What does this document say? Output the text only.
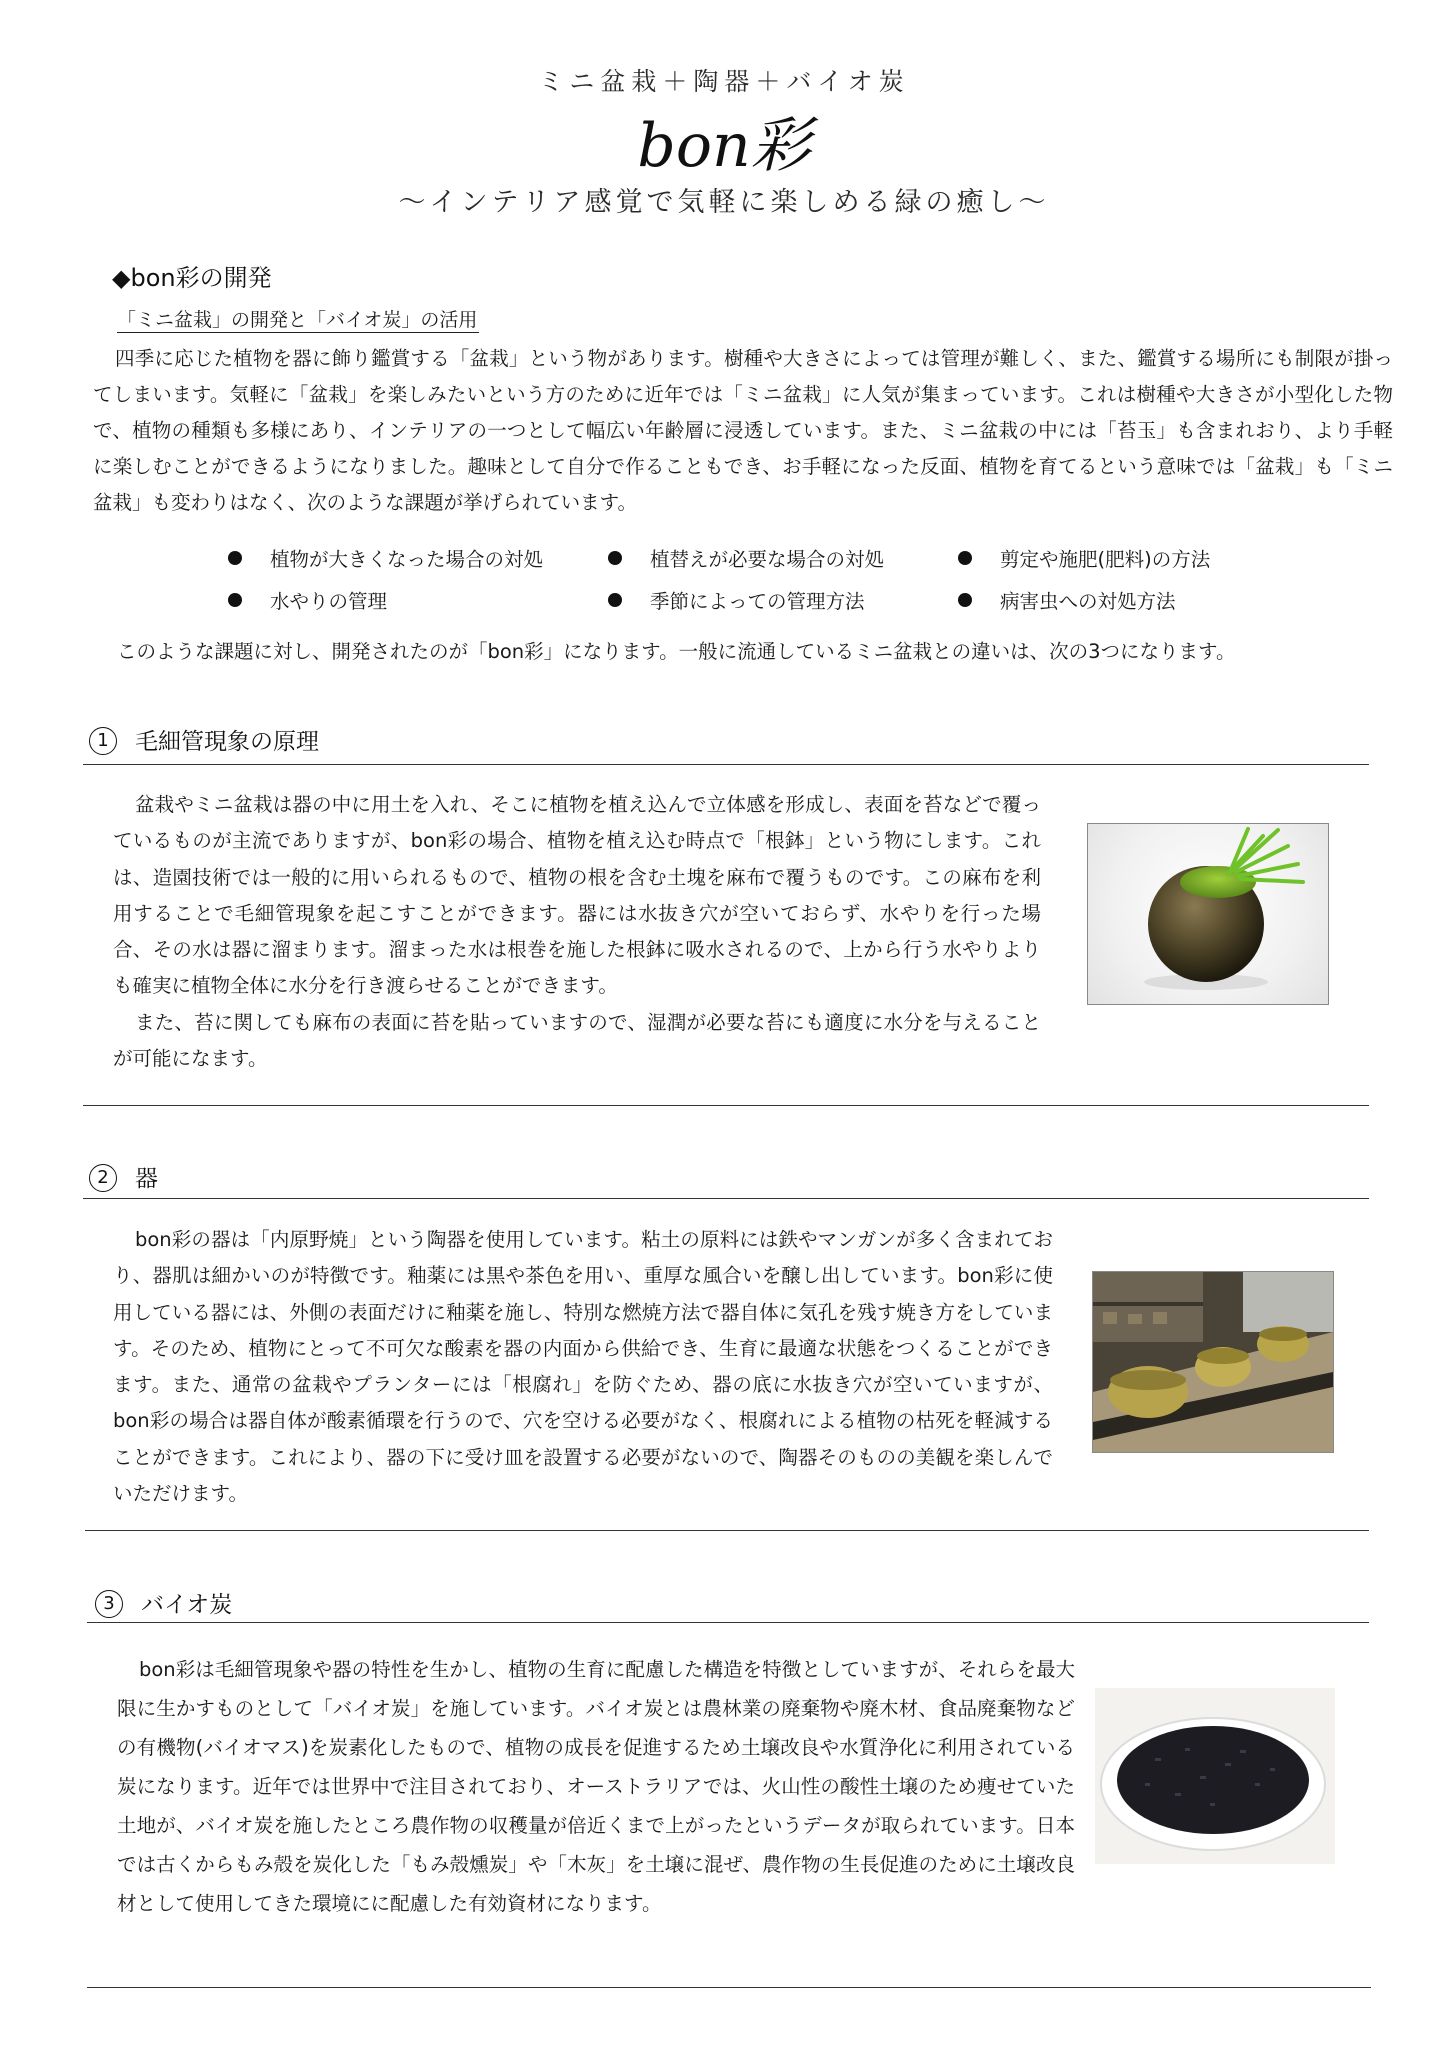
ミニ盆栽＋陶器＋バイオ炭
bon彩
～インテリア感覚で気軽に楽しめる緑の癒し～
◆bon彩の開発
「ミニ盆栽」の開発と「バイオ炭」の活用
四季に応じた植物を器に飾り鑑賞する「盆栽」という物があります。樹種や大きさによっては管理が難しく、また、鑑賞する場所にも制限が掛ってしまいます。気軽に「盆栽」を楽しみたいという方のために近年では「ミニ盆栽」に人気が集まっています。これは樹種や大きさが小型化した物で、植物の種類も多様にあり、インテリアの一つとして幅広い年齢層に浸透しています。また、ミニ盆栽の中には「苔玉」も含まれおり、より手軽に楽しむことができるようになりました。趣味として自分で作ることもでき、お手軽になった反面、植物を育てるという意味では「盆栽」も「ミニ盆栽」も変わりはなく、次のような課題が挙げられています。
植物が大きくなった場合の対処	植替えが必要な場合の対処	剪定や施肥(肥料)の方法
水やりの管理	季節によっての管理方法	病害虫への対処方法
このような課題に対し、開発されたのが「bon彩」になります。一般に流通しているミニ盆栽との違いは、次の3つになります。
1 毛細管現象の原理

盆栽やミニ盆栽は器の中に用土を入れ、そこに植物を植え込んで立体感を形成し、表面を苔などで覆っているものが主流でありますが、bon彩の場合、植物を植え込む時点で「根鉢」という物にします。これは、造園技術では一般的に用いられるもので、植物の根を含む土塊を麻布で覆うものです。この麻布を利用することで毛細管現象を起こすことができます。器には水抜き穴が空いておらず、水やりを行った場合、その水は器に溜まります。溜まった水は根巻を施した根鉢に吸水されるので、上から行う水やりよりも確実に植物全体に水分を行き渡らせることができます。

また、苔に関しても麻布の表面に苔を貼っていますので、湿潤が必要な苔にも適度に水分を与えることが可能になます。

2 器

bon彩の器は「内原野焼」という陶器を使用しています。粘土の原料には鉄やマンガンが多く含まれており、器肌は細かいのが特徴です。釉薬には黒や茶色を用い、重厚な風合いを醸し出しています。bon彩に使用している器には、外側の表面だけに釉薬を施し、特別な燃焼方法で器自体に気孔を残す焼き方をしています。そのため、植物にとって不可欠な酸素を器の内面から供給でき、生育に最適な状態をつくることができます。また、通常の盆栽やプランターには「根腐れ」を防ぐため、器の底に水抜き穴が空いていますが、bon彩の場合は器自体が酸素循環を行うので、穴を空ける必要がなく、根腐れによる植物の枯死を軽減することができます。これにより、器の下に受け皿を設置する必要がないので、陶器そのものの美観を楽しんでいただけます。

3 バイオ炭

bon彩は毛細管現象や器の特性を生かし、植物の生育に配慮した構造を特徴としていますが、それらを最大限に生かすものとして「バイオ炭」を施しています。バイオ炭とは農林業の廃棄物や廃木材、食品廃棄物などの有機物(バイオマス)を炭素化したもので、植物の成長を促進するため土壌改良や水質浄化に利用されている炭になります。近年では世界中で注目されており、オーストラリアでは、火山性の酸性土壌のため痩せていた土地が、バイオ炭を施したところ農作物の収穫量が倍近くまで上がったというデータが取られています。日本では古くからもみ殻を炭化した「もみ殻燻炭」や「木灰」を土壌に混ぜ、農作物の生長促進のために土壌改良材として使用してきた環境にに配慮した有効資材になります。
